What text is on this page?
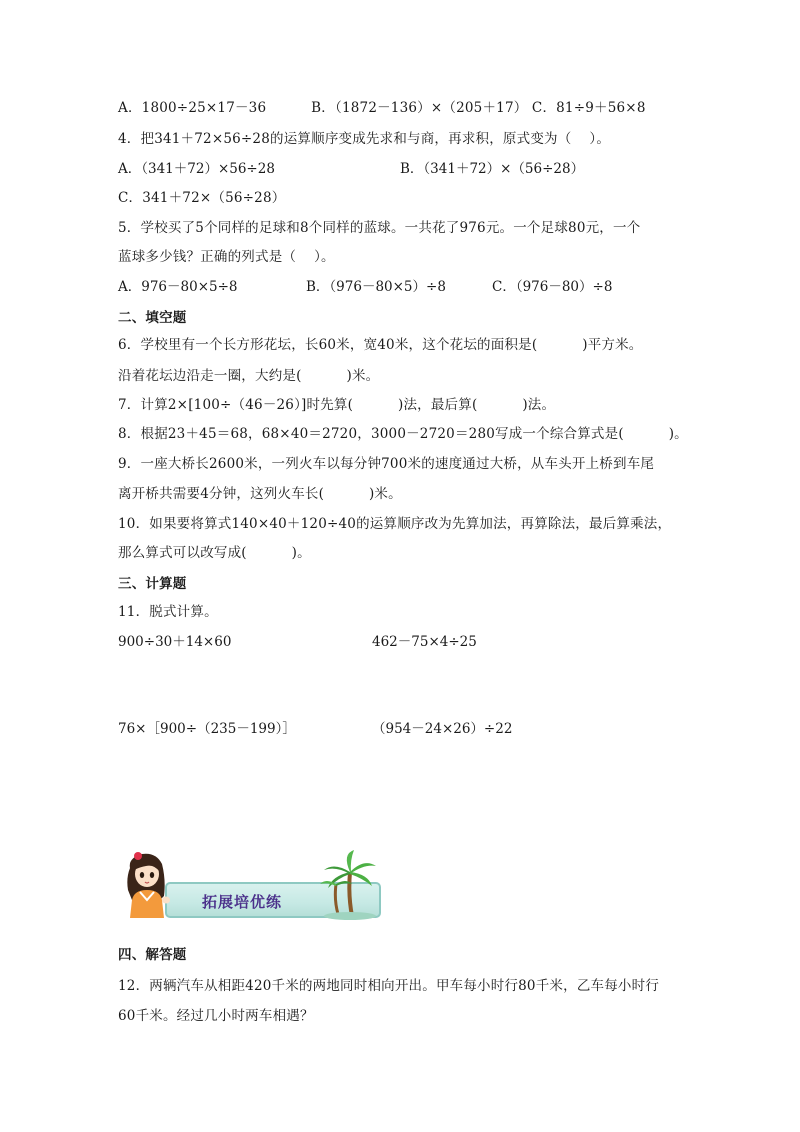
A．1800÷25×17－36          B．（1872－136）×（205＋17） C．81÷9＋56×8
4．把341＋72×56÷28的运算顺序变成先求和与商，再求积，原式变为（    ）。
A．（341＋72）×56÷28	B．（341＋72）×（56÷28）
C．341＋72×（56÷28）
5．学校买了5个同样的足球和8个同样的蓝球。一共花了976元。一个足球80元，一个
蓝球多少钱？正确的列式是（    ）。
A．976－80×5÷8	B．（976－80×5）÷8	C．（976－80）÷8
二、填空题
6．学校里有一个长方形花坛，长60米，宽40米，这个花坛的面积是(          )平方米。
沿着花坛边沿走一圈，大约是(          )米。
7．计算2×[100÷（46－26）]时先算(          )法，最后算(          )法。
8．根据23＋45＝68，68×40＝2720，3000－2720＝280写成一个综合算式是(          )。
9．一座大桥长2600米，一列火车以每分钟700米的速度通过大桥，从车头开上桥到车尾
离开桥共需要4分钟，这列火车长(          )米。
10．如果要将算式140×40＋120÷40的运算顺序改为先算加法，再算除法，最后算乘法，
那么算式可以改写成(          )。
三、计算题
11．脱式计算。
900÷30＋14×60	462－75×4÷25
76×［900÷（235－199）］	（954－24×26）÷22
拓展培优练
四、解答题
12．两辆汽车从相距420千米的两地同时相向开出。甲车每小时行80千米，乙车每小时行
60千米。经过几小时两车相遇？
